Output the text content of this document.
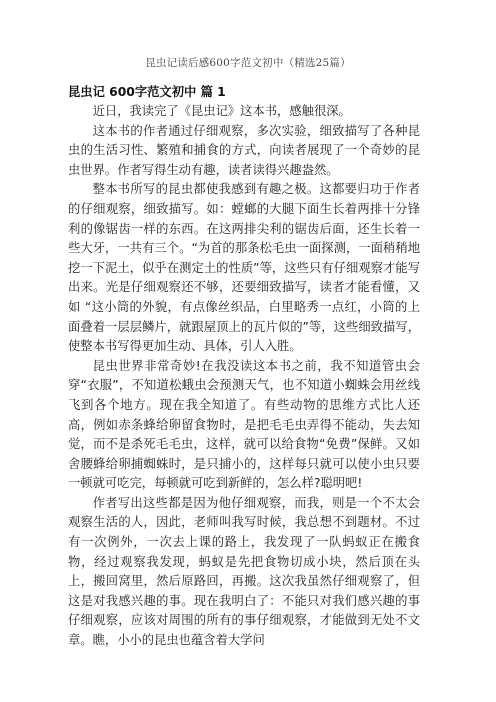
昆虫记读后感600字范文初中（精选25篇）
昆虫记 600字范文初中 篇 1

近日，我读完了《昆虫记》这本书，感触很深。

这本书的作者通过仔细观察，多次实验，细致描写了各种昆虫的生活习性、繁殖和捕食的方式，向读者展现了一个奇妙的昆虫世界。作者写得生动有趣，读者读得兴趣盎然。

整本书所写的昆虫都使我感到有趣之极。这都要归功于作者的仔细观察，细致描写。如：螳螂的大腿下面生长着两排十分锋利的像锯齿一样的东西。在这两排尖利的锯齿后面，还生长着一些大牙，一共有三个。“为首的那条松毛虫一面探测，一面稍稍地挖一下泥土，似乎在测定土的性质”等，这些只有仔细观察才能写出来。光是仔细观察还不够，还要细致描写，读者才能看懂，又如 “这小筒的外貌，有点像丝织品，白里略秀一点红，小筒的上面叠着一层层鳞片，就跟屋顶上的瓦片似的”等，这些细致描写，使整本书写得更加生动、具体，引人入胜。

昆虫世界非常奇妙!在我没读这本书之前，我不知道管虫会穿“衣服”，不知道松蛾虫会预测天气，也不知道小蜘蛛会用丝线飞到各个地方。现在我全知道了。有些动物的思维方式比人还高，例如赤条蜂给卵留食物时，是把毛毛虫弄得不能动，失去知觉，而不是杀死毛毛虫，这样，就可以给食物“免费”保鲜。又如舍腰蜂给卵捕蜘蛛时，是只捕小的，这样每只就可以使小虫只要一顿就可吃完，每顿就可吃到新鲜的，怎么样?聪明吧!

作者写出这些都是因为他仔细观察，而我，则是一个不太会观察生活的人，因此，老师叫我写时候，我总想不到题材。不过有一次例外，一次去上课的路上，我发现了一队蚂蚁正在搬食物，经过观察我发现，蚂蚁是先把食物切成小块，然后顶在头上，搬回窝里，然后原路回，再搬。这次我虽然仔细观察了，但这是对我感兴趣的事。现在我明白了：不能只对我们感兴趣的事仔细观察，应该对周围的所有的事仔细观察，才能做到无处不文章。瞧，小小的昆虫也蕴含着大学问
